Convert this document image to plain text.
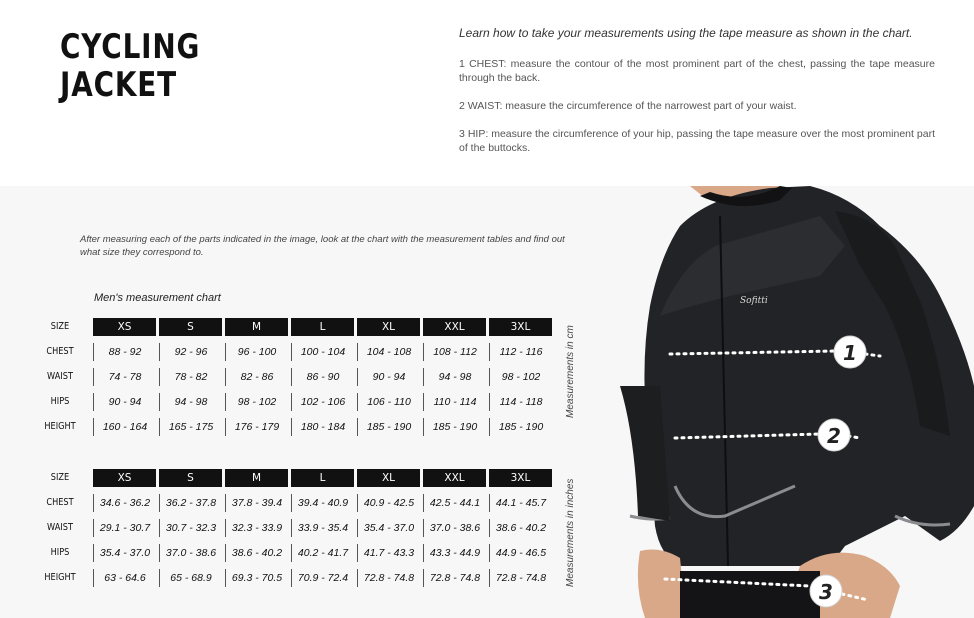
CYCLING
JACKET

Learn how to take your measurements using the tape measure as shown in the chart.

1 CHEST: measure the contour of the most prominent part of the chest, passing the tape measure through the back.

2 WAIST: measure the circumference of the narrowest part of your waist.

3 HIP: measure the circumference of your hip, passing the tape measure over the most prominent part of the buttocks.

After measuring each of the parts indicated in the image, look at the chart with the measurement tables and find out what size they correspond to.
Men's measurement chart
SIZE	XS	S	M	L	XL	XXL	3XL
CHEST	88 - 92	92 - 96	96 - 100	100 - 104	104 - 108	108 - 112	112 - 116
WAIST	74 - 78	78 - 82	82 - 86	86 - 90	90 - 94	94 - 98	98 - 102
HIPS	90 - 94	94 - 98	98 - 102	102 - 106	106 - 110	110 - 114	114 - 118
HEIGHT	160 - 164	165 - 175	176 - 179	180 - 184	185 - 190	185 - 190	185 - 190
Measurements in cm
SIZE	XS	S	M	L	XL	XXL	3XL
CHEST	34.6 - 36.2	36.2 - 37.8	37.8 - 39.4	39.4 - 40.9	40.9 - 42.5	42.5 - 44.1	44.1 - 45.7
WAIST	29.1 - 30.7	30.7 - 32.3	32.3 - 33.9	33.9 - 35.4	35.4 - 37.0	37.0 - 38.6	38.6 - 40.2
HIPS	35.4 - 37.0	37.0 - 38.6	38.6 - 40.2	40.2 - 41.7	41.7 - 43.3	43.3 - 44.9	44.9 - 46.5
HEIGHT	63 - 64.6	65 - 68.9	69.3 - 70.5	70.9 - 72.4	72.8 - 74.8	72.8 - 74.8	72.8 - 74.8	Measurements in inches
Sofitti
1
2
3
